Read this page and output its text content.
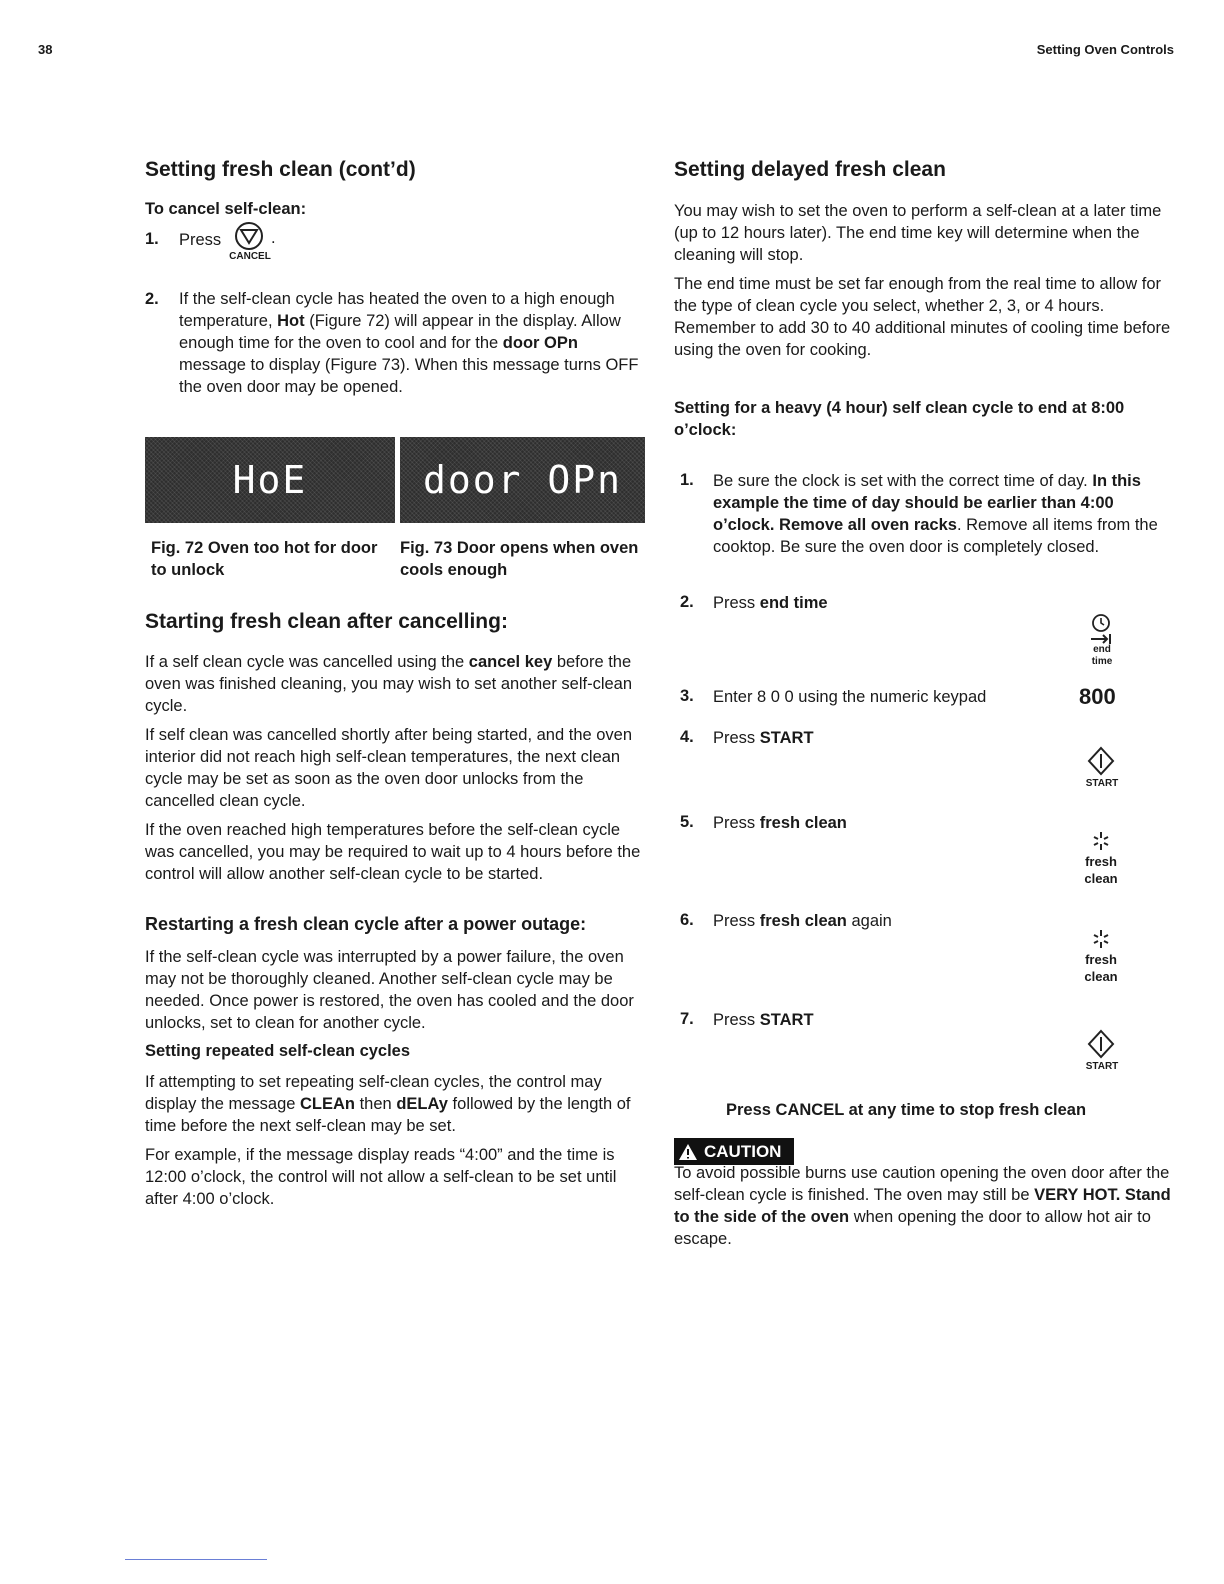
38	Setting Oven Controls
Setting fresh clean (cont’d)
To cancel self-clean:
1. Press	.
CANCEL
2. If the self-clean cycle has heated the oven to a high enough temperature, Hot (Figure 72) will appear in the display. Allow enough time for the oven to cool and for the door OPn message to display (Figure 73). When this message turns OFF the oven door may be opened.
HoE	door OPn
Fig. 72 Oven too hot for door to unlock
Fig. 73 Door opens when oven cools enough
Starting fresh clean after cancelling:

If a self clean cycle was cancelled using the cancel key before the oven was finished cleaning, you may wish to set another self-clean cycle.

If self clean was cancelled shortly after being started, and the oven interior did not reach high self-clean temperatures, the next clean cycle may be set as soon as the oven door unlocks from the cancelled clean cycle.

If the oven reached high temperatures before the self-clean cycle was cancelled, you may be required to wait up to 4 hours before the control will allow another self-clean cycle to be started.

Restarting a fresh clean cycle after a power outage:

If the self-clean cycle was interrupted by a power failure, the oven may not be thoroughly cleaned. Another self-clean cycle may be needed. Once power is restored, the oven has cooled and the door unlocks, set to clean for another cycle.

Setting repeated self-clean cycles

If attempting to set repeating self-clean cycles, the control may display the message CLEAn then dELAy followed by the length of time before the next self-clean may be set.

For example, if the message display reads “4:00” and the time is 12:00 o’clock, the control will not allow a self-clean to be set until after 4:00 o’clock.

Setting delayed fresh clean

You may wish to set the oven to perform a self-clean at a later time (up to 12 hours later). The end time key will determine when the cleaning will stop.

The end time must be set far enough from the real time to allow for the type of clean cycle you select, whether 2, 3, or 4 hours. Remember to add 30 to 40 additional minutes of cooling time before using the oven for cooking.

Setting for a heavy (4 hour) self clean cycle to end at 8:00 o’clock:
1. Be sure the clock is set with the correct time of day. In this example the time of day should be earlier than 4:00 o’clock. Remove all oven racks. Remove all items from the cooktop. Be sure the oven door is completely closed.
2. Press end time
end
time
3. Enter 8 0 0 using the numeric keypad	800
4. Press START
START
5. Press fresh clean
fresh
clean
6. Press fresh clean again
fresh
clean
7. Press START
START
Press CANCEL at any time to stop fresh clean
CAUTION

To avoid possible burns use caution opening the oven door after the self-clean cycle is finished. The oven may still be VERY HOT. Stand to the side of the oven when opening the door to allow hot air to escape.
